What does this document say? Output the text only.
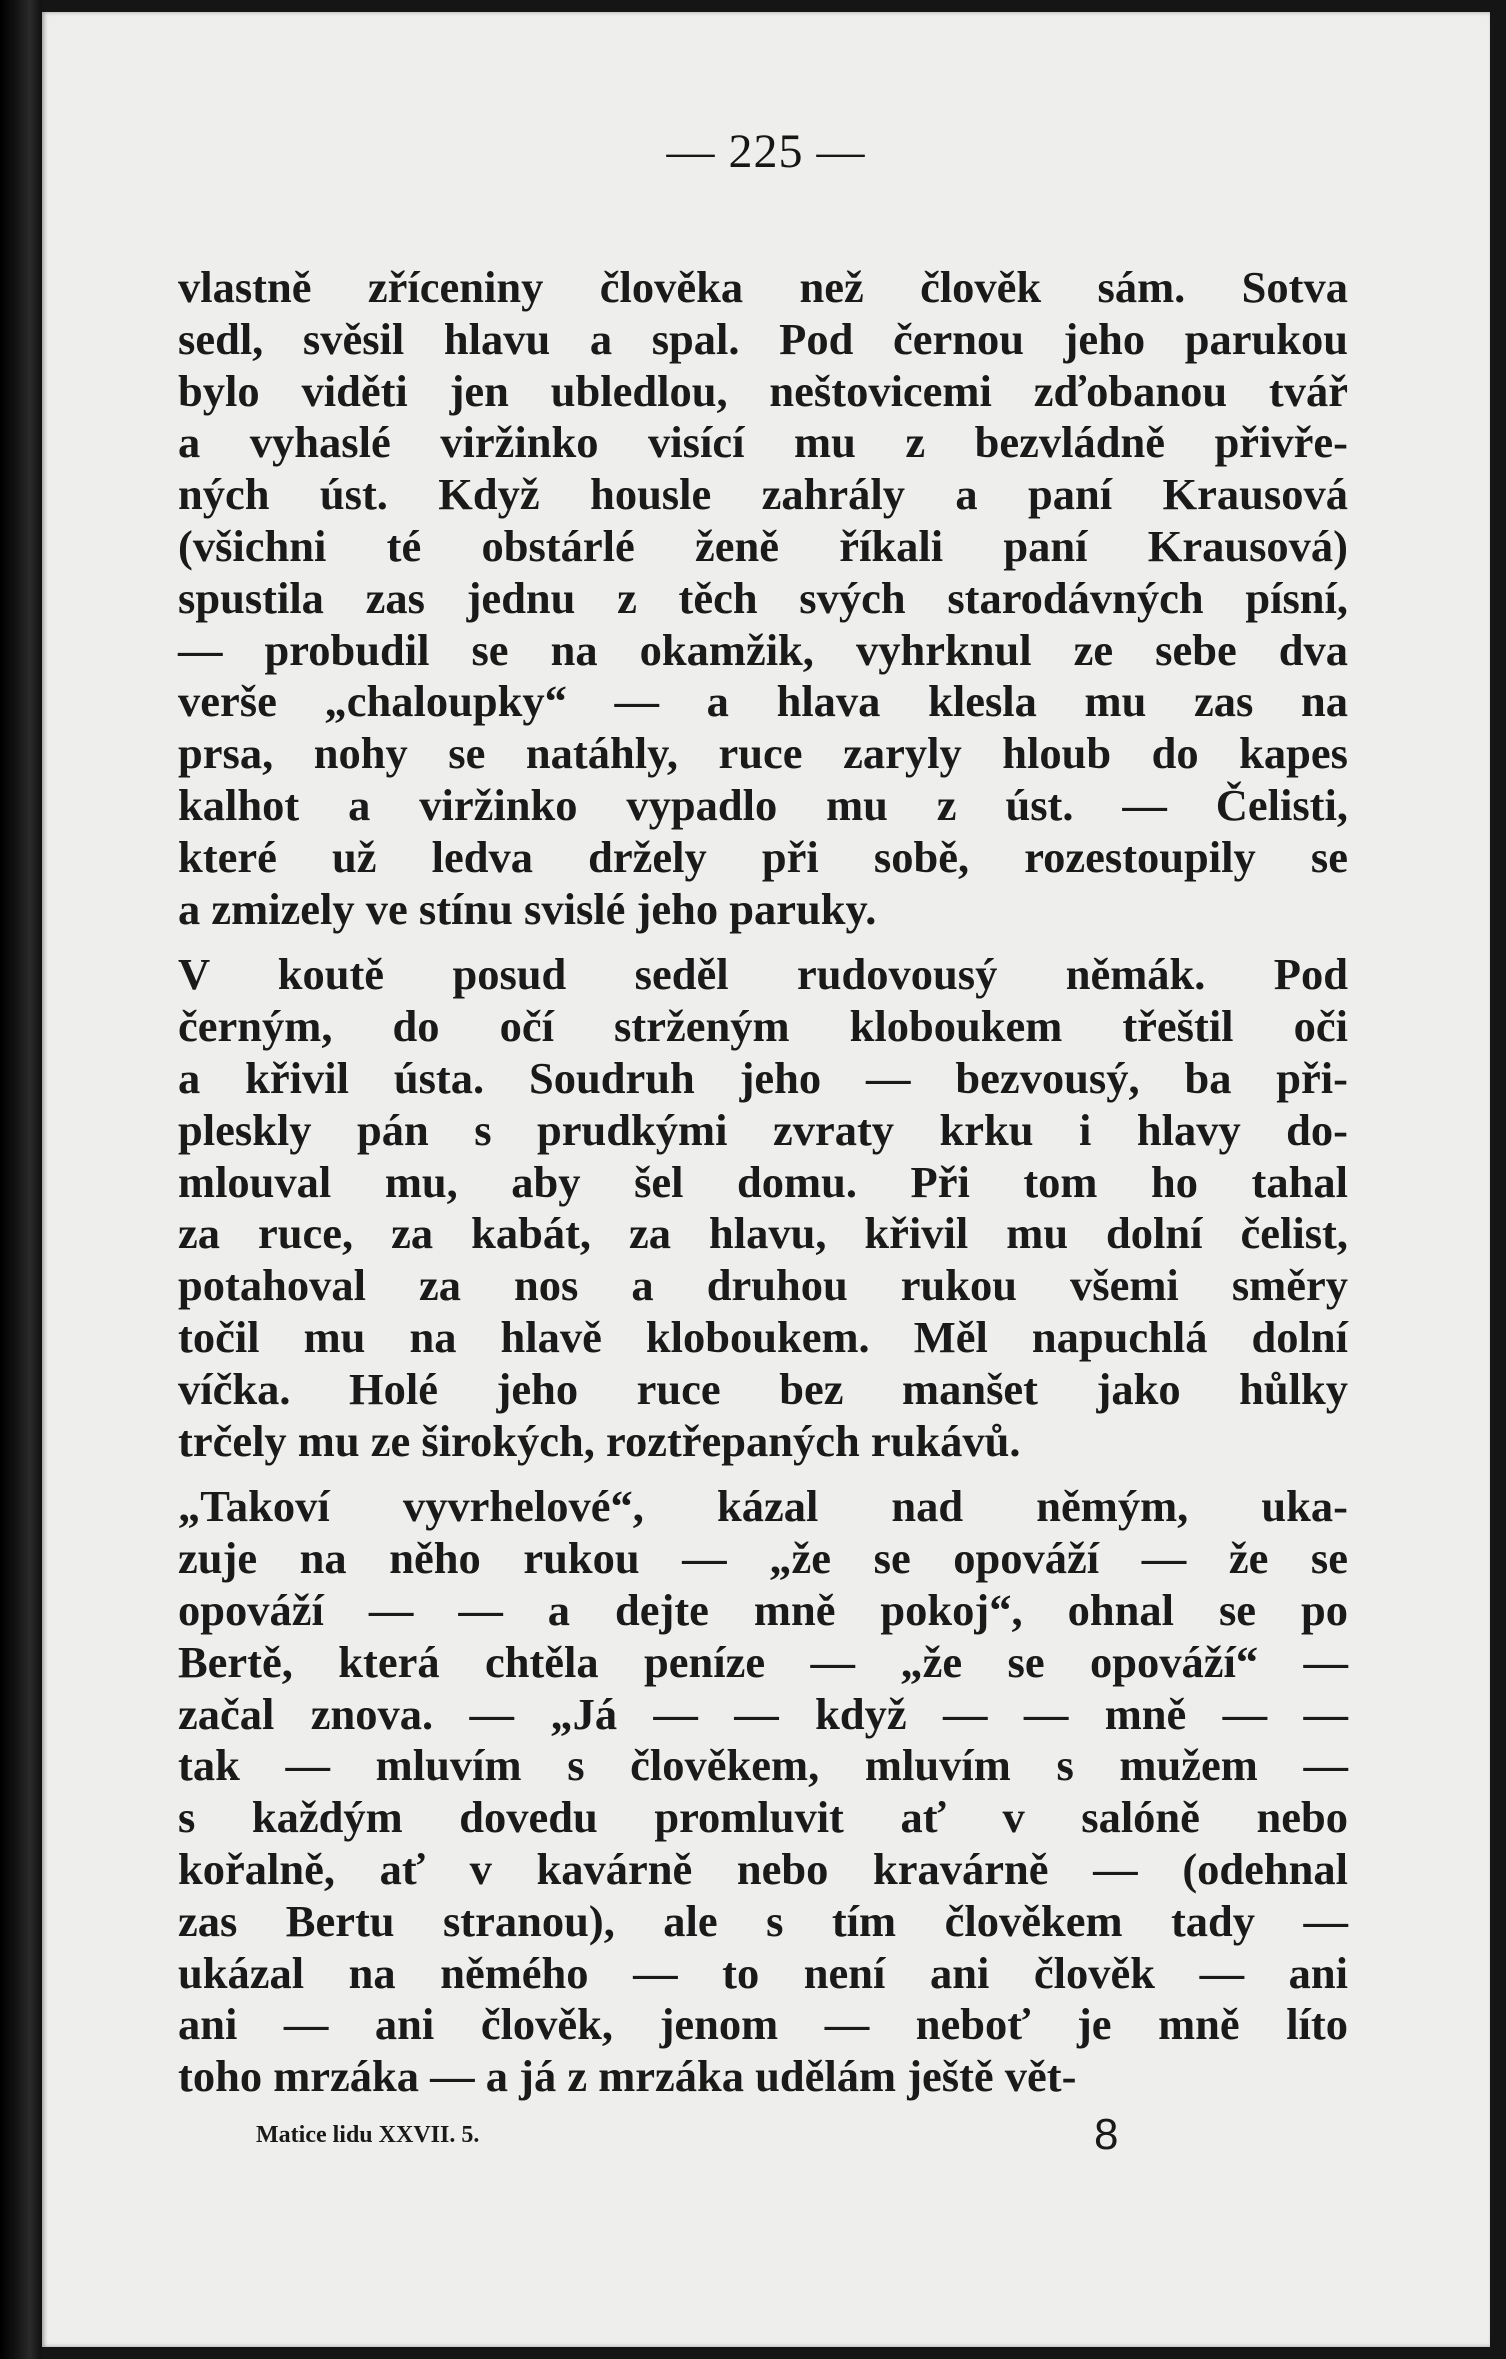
— 225 —
vlastně zříceniny člověka než člověk sám. Sotva
sedl, svěsil hlavu a spal. Pod černou jeho parukou
bylo viděti jen ubledlou, neštovicemi zďobanou tvář
a vyhaslé viržinko visící mu z bezvládně přivře-
ných úst. Když housle zahrály a paní Krausová
(všichni té obstárlé ženě říkali paní Krausová)
spustila zas jednu z těch svých starodávných písní,
— probudil se na okamžik, vyhrknul ze sebe dva
verše „chaloupky“ — a hlava klesla mu zas na
prsa, nohy se natáhly, ruce zaryly hloub do kapes
kalhot a viržinko vypadlo mu z úst. — Čelisti,
které už ledva držely při sobě, rozestoupily se
a zmizely ve stínu svislé jeho paruky.
V koutě posud seděl rudovousý němák. Pod
černým, do očí strženým kloboukem třeštil oči
a křivil ústa. Soudruh jeho — bezvousý, ba při-
pleskly pán s prudkými zvraty krku i hlavy do-
mlouval mu, aby šel domu. Při tom ho tahal
za ruce, za kabát, za hlavu, křivil mu dolní čelist,
potahoval za nos a druhou rukou všemi směry
točil mu na hlavě kloboukem. Měl napuchlá dolní
víčka. Holé jeho ruce bez manšet jako hůlky
trčely mu ze širokých, roztřepaných rukávů.
„Takoví vyvrhelové“, kázal nad němým, uka-
zuje na něho rukou — „že se opováží — že se
opováží — — a dejte mně pokoj“, ohnal se po
Bertě, která chtěla peníze — „že se opováží“ —
začal znova. — „Já — — když — — mně — —
tak — mluvím s člověkem, mluvím s mužem —
s každým dovedu promluvit ať v salóně nebo
kořalně, ať v kavárně nebo kravárně — (odehnal
zas Bertu stranou), ale s tím člověkem tady —
ukázal na němého — to není ani člověk — ani
ani — ani člověk, jenom — neboť je mně líto
toho mrzáka — a já z mrzáka udělám ještě vět-
Matice lidu XXVII. 5.	8
